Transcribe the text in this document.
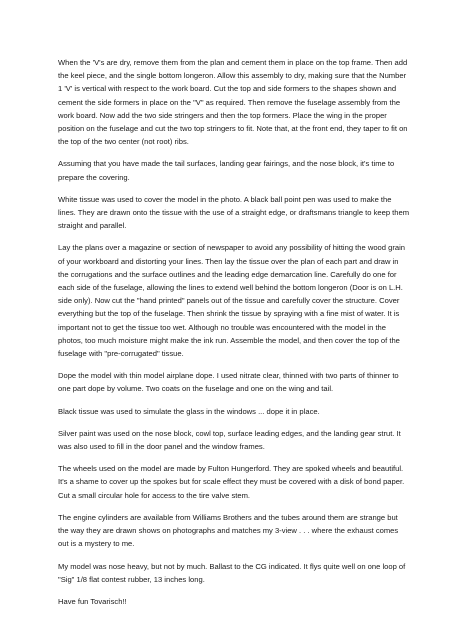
When the 'V's are dry, remove them from the plan and cement them in place on the top frame. Then add the keel piece, and the single bottom longeron. Allow this assembly to dry, making sure that the Number 1 'V' is vertical with respect to the work board. Cut the top and side formers to the shapes shown and cement the side formers in place on the "V" as required. Then remove the fuselage assembly from the work board. Now add the two side stringers and then the top formers. Place the wing in the proper position on the fuselage and cut the two top stringers to fit. Note that, at the front end, they taper to fit on the top of the two center (not root) ribs.

Assuming that you have made the tail surfaces, landing gear fairings, and the nose block, it's time to prepare the covering.

White tissue was used to cover the model in the photo. A black ball point pen was used to make the lines. They are drawn onto the tissue with the use of a straight edge, or draftsmans triangle to keep them straight and parallel.

Lay the plans over a magazine or section of newspaper to avoid any possibility of hitting the wood grain of your workboard and distorting your lines. Then lay the tissue over the plan of each part and draw in the corrugations and the surface outlines and the leading edge demarcation line. Carefully do one for each side of the fuselage, allowing the lines to extend well behind the bottom longeron (Door is on L.H. side only). Now cut the "hand printed" panels out of the tissue and carefully cover the structure. Cover everything but the top of the fuselage. Then shrink the tissue by spraying with a fine mist of water. It is important not to get the tissue too wet. Although no trouble was encountered with the model in the photos, too much moisture might make the ink run. Assemble the model, and then cover the top of the fuselage with "pre-corrugated" tissue.

Dope the model with thin model airplane dope. I used nitrate clear, thinned with two parts of thinner to one part dope by volume. Two coats on the fuselage and one on the wing and tail.

Black tissue was used to simulate the glass in the windows ... dope it in place.

Silver paint was used on the nose block, cowl top, surface leading edges, and the landing gear strut. It was also used to fill in the door panel and the window frames.

The wheels used on the model are made by Fulton Hungerford. They are spoked wheels and beautiful. It's a shame to cover up the spokes but for scale effect they must be covered with a disk of bond paper. Cut a small circular hole for access to the tire valve stem.

The engine cylinders are available from Williams Brothers and the tubes around them are strange but the way they are drawn shows on photographs and matches my 3-view . . . where the exhaust comes out is a mystery to me.

My model was nose heavy, but not by much. Ballast to the CG indicated. It flys quite well on one loop of "Sig" 1/8 flat contest rubber, 13 inches long.

Have fun Tovarisch!!
